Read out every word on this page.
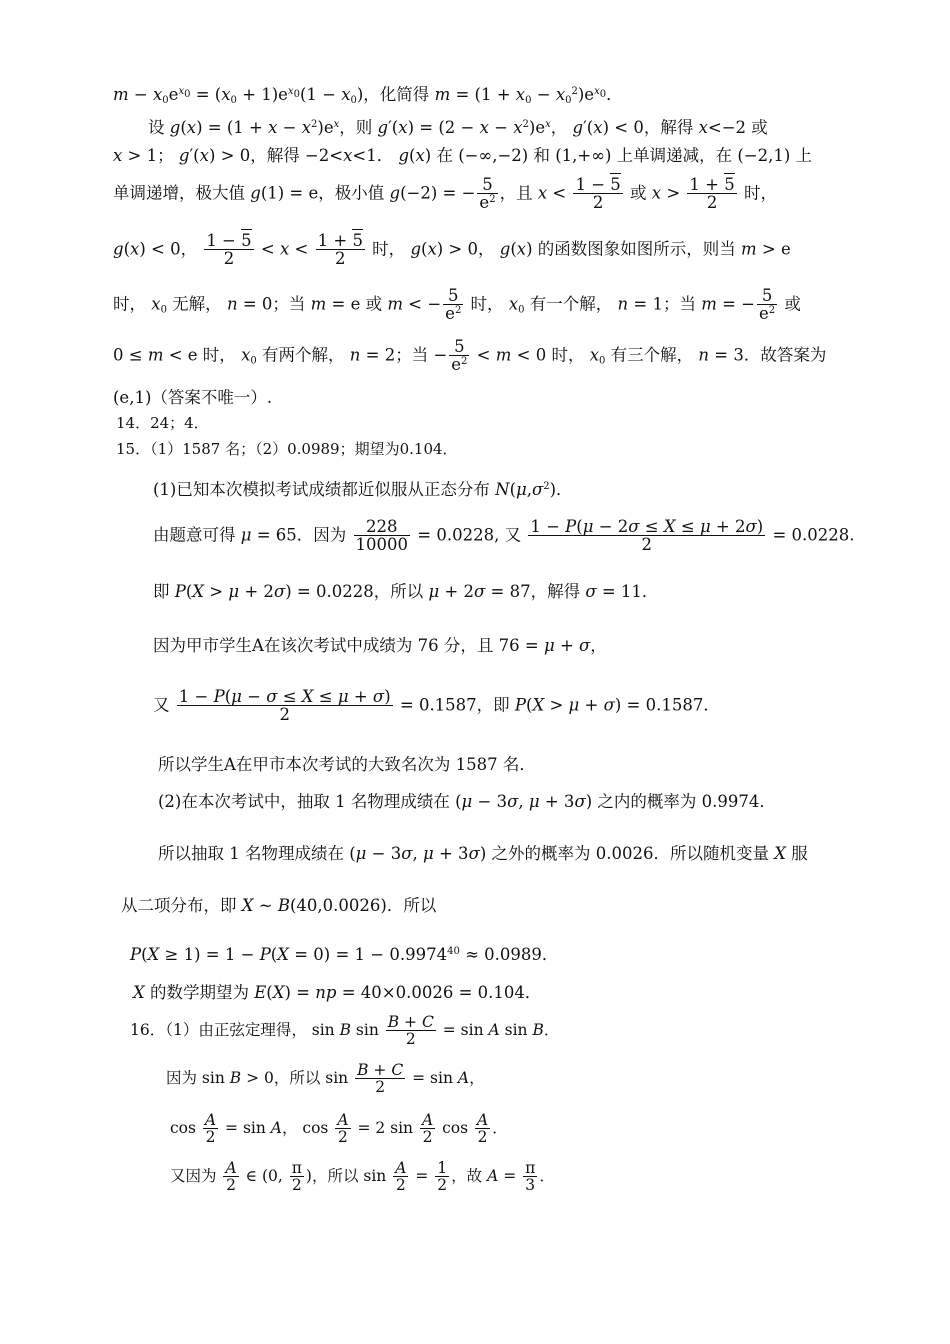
$m - x_0e^{x_0} = (x_0 + 1)e^{x_0}(1 - x_0)$，化简得 $m = (1 + x_0 - x_0^2)e^{x_0}$．
设 $g(x) = (1 + x - x^2)e^x$，则 $g'(x) = (2 - x - x^2)e^x$， g′(x) < 0，解得 x<−2 或
x > 1； g′(x) > 0，解得 −2<x<1． g(x) 在 (−∞,−2) 和 (1,+∞) 上单调递减，在 (−2,1) 上
单调递增，极大值 g(1) = e，极小值 g(−2) = − $\frac{5}{e^2}$ ，且 $x < \frac{1 - 5}{2}$ 或 $x > \frac{1 + 5}{2}$ 时，
g(x) < 0， $\frac{1 - 5}{2} < x < \frac{1 + 5}{2}$ 时， g(x) > 0， g(x) 的函数图象如图所示，则当 m > e
时， $x_0$ 无解， n = 0；当 m = e 或 m < − $\frac{5}{e^2}$ 时， $x_0$ 有一个解， n = 1；当 m = − $\frac{5}{e^2}$ 或
0 ≤ m < e 时， $x_0$ 有两个解， n = 2；当 − $\frac{5}{e^2} < m < 0$ 时， $x_0$ 有三个解， n = 3．故答案为
(e,1)（答案不唯一）.
14．24；4．
15．（1）1587 名；（2）0.0989；期望为0.104．
(1)已知本次模拟考试成绩都近似服从正态分布 $N(\mu,\sigma^2)$．
由题意可得 μ = 65．因为 $\frac{228}{10000} = 0.0228$, 又 $\frac{1 - P(\mu - 2\sigma \le X \le \mu + 2\sigma)}{2} = 0.0228$.
即 P(X > μ + 2σ) = 0.0228，所以 μ + 2σ = 87，解得 σ = 11．
因为甲市学生A在该次考试中成绩为 76 分，且 76 = μ + σ，
又 $\frac{1 - P(\mu - \sigma \le X \le \mu + \sigma)}{2} = 0.1587$，即 P(X > μ + σ) = 0.1587．
所以学生A在甲市本次考试的大致名次为 1587 名．
(2)在本次考试中，抽取 1 名物理成绩在 (μ − 3σ, μ + 3σ) 之内的概率为 0.9974．
所以抽取 1 名物理成绩在 (μ − 3σ, μ + 3σ) 之外的概率为 0.0026．所以随机变量 X 服
从二项分布，即 X ~ B(40,0.0026)．所以
$P(X \ge 1) = 1 - P(X = 0) = 1 - 0.9974^{40} \approx 0.0989$．
X 的数学期望为 E(X) = np = 40×0.0026 = 0.104．
16．（1）由正弦定理得， sin B $\sin \frac{B + C}{2} = \sin A$ sin B．
因为 sin B > 0，所以 $\sin \frac{B + C}{2} = \sin A$，
$\cos \frac{A}{2} = \sin A$， $\cos \frac{A}{2} = 2$ $\sin \frac{A}{2}$ $\cos \frac{A}{2}$ ．
又因为 $\frac{A}{2}$ ∈ (0, $\frac{\pi}{2}$ )，所以 $\sin \frac{A}{2} = \frac{1}{2}$ ，故 $A = \frac{\pi}{3}$ ．
